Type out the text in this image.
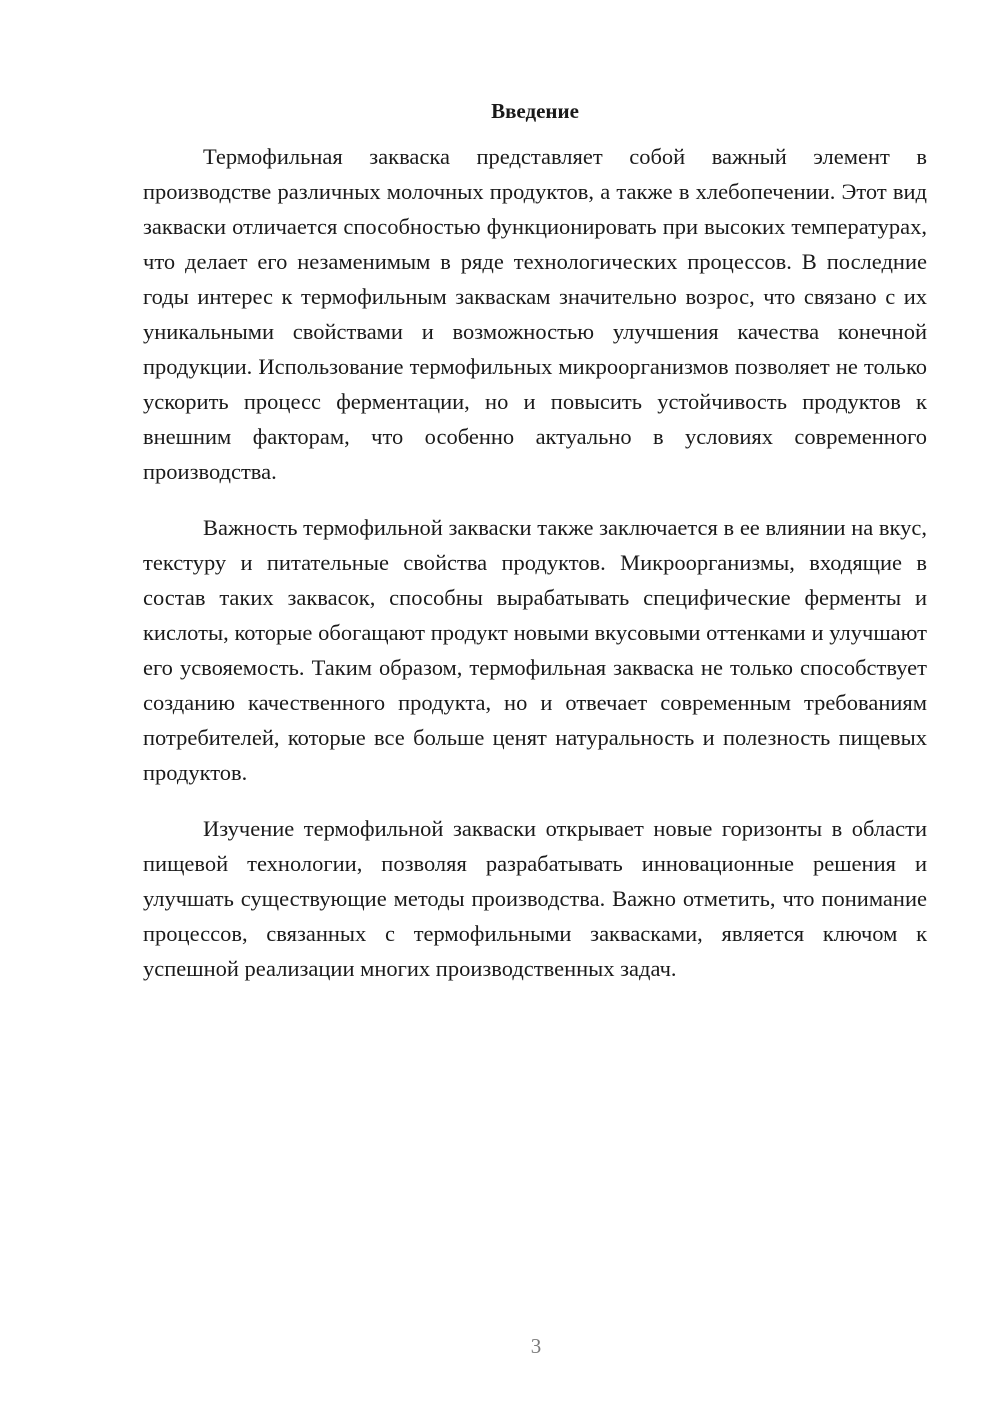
Введение

Термофильная закваска представляет собой важный элемент в производстве различных молочных продуктов, а также в хлебопечении. Этот вид закваски отличается способностью функционировать при высоких температурах, что делает его незаменимым в ряде технологических процессов. В последние годы интерес к термофильным заквaскам значительно возрос, что связано с их уникальными свойствами и возможностью улучшения качества конечной продукции. Использование термофильных микроорганизмов позволяет не только ускорить процесс ферментации, но и повысить устойчивость продуктов к внешним факторам, что особенно актуально в условиях современного производства.

Важность термофильной закваски также заключается в ее влиянии на вкус, текстуру и питательные свойства продуктов. Микроорганизмы, входящие в состав таких заквасок, способны вырабатывать специфические ферменты и кислоты, которые обогащают продукт новыми вкусовыми оттенками и улучшают его усвояемость. Таким образом, термофильная закваска не только способствует созданию качественного продукта, но и отвечает современным требованиям потребителей, которые все больше ценят натуральность и полезность пищевых продуктов.

Изучение термофильной закваски открывает новые горизонты в области пищевой технологии, позволяя разрабатывать инновационные решения и улучшать существующие методы производства. Важно отметить, что понимание процессов, связанных с термофильными заквасками, является ключом к успешной реализации многих производственных задач.

3
